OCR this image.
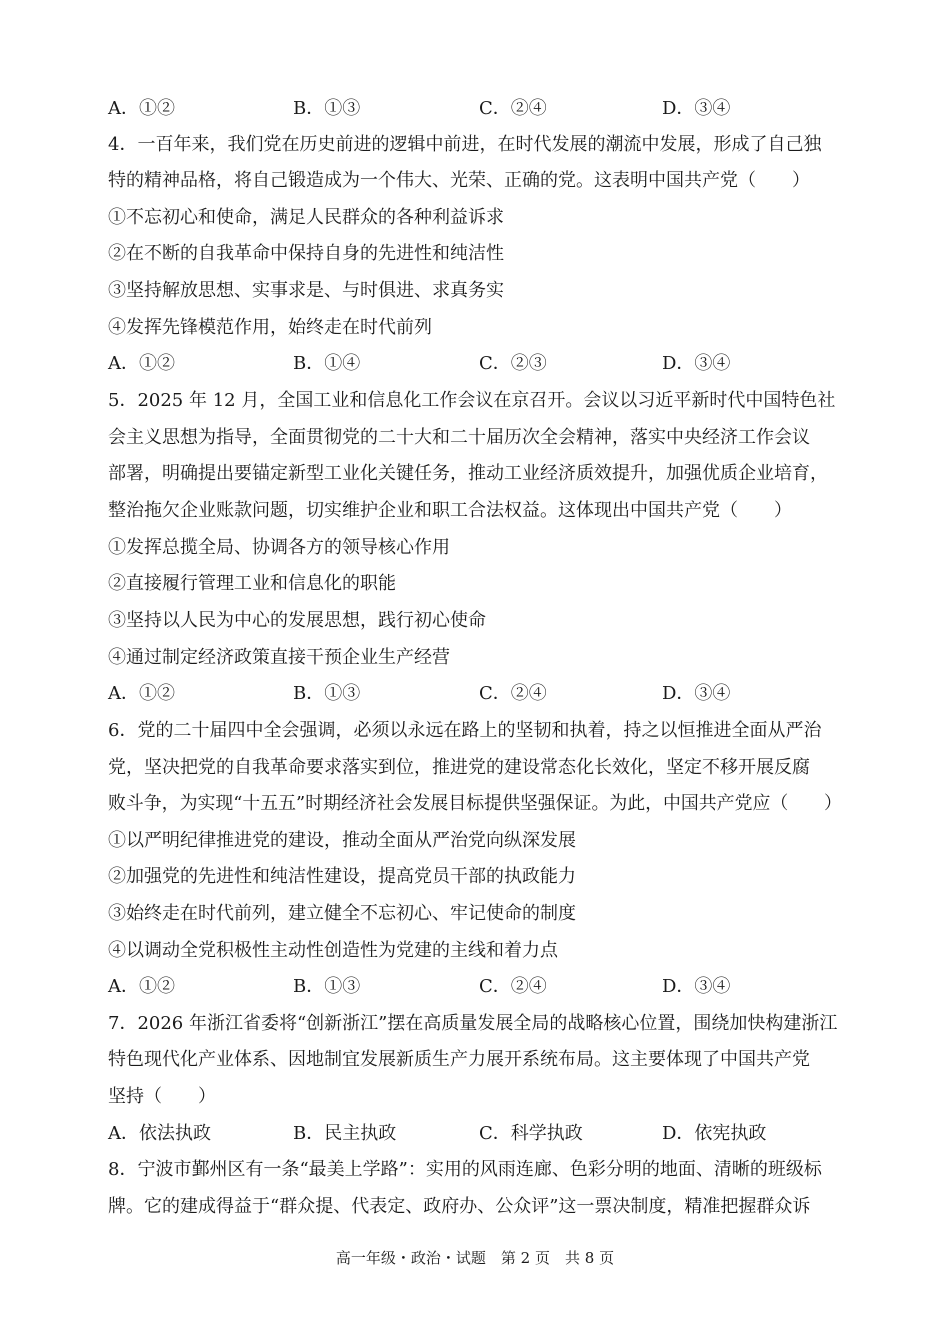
A．①②	B．①③	C．②④	D．③④
4．一百年来，我们党在历史前进的逻辑中前进，在时代发展的潮流中发展，形成了自己独
特的精神品格，将自己锻造成为一个伟大、光荣、正确的党。这表明中国共产党（　　）
①不忘初心和使命，满足人民群众的各种利益诉求
②在不断的自我革命中保持自身的先进性和纯洁性
③坚持解放思想、实事求是、与时俱进、求真务实
④发挥先锋模范作用，始终走在时代前列
A．①②	B．①④	C．②③	D．③④
5．2025 年 12 月，全国工业和信息化工作会议在京召开。会议以习近平新时代中国特色社
会主义思想为指导，全面贯彻党的二十大和二十届历次全会精神，落实中央经济工作会议
部署，明确提出要锚定新型工业化关键任务，推动工业经济质效提升，加强优质企业培育，
整治拖欠企业账款问题，切实维护企业和职工合法权益。这体现出中国共产党（　　）
①发挥总揽全局、协调各方的领导核心作用
②直接履行管理工业和信息化的职能
③坚持以人民为中心的发展思想，践行初心使命
④通过制定经济政策直接干预企业生产经营
A．①②	B．①③	C．②④	D．③④
6．党的二十届四中全会强调，必须以永远在路上的坚韧和执着，持之以恒推进全面从严治
党，坚决把党的自我革命要求落实到位，推进党的建设常态化长效化，坚定不移开展反腐
败斗争，为实现“十五五”时期经济社会发展目标提供坚强保证。为此，中国共产党应（　　）
①以严明纪律推进党的建设，推动全面从严治党向纵深发展
②加强党的先进性和纯洁性建设，提高党员干部的执政能力
③始终走在时代前列，建立健全不忘初心、牢记使命的制度
④以调动全党积极性主动性创造性为党建的主线和着力点
A．①②	B．①③	C．②④	D．③④
7．2026 年浙江省委将“创新浙江”摆在高质量发展全局的战略核心位置，围绕加快构建浙江
特色现代化产业体系、因地制宜发展新质生产力展开系统布局。这主要体现了中国共产党
坚持（　　）
A．依法执政	B．民主执政	C．科学执政	D．依宪执政
8．宁波市鄞州区有一条“最美上学路”：实用的风雨连廊、色彩分明的地面、清晰的班级标
牌。它的建成得益于“群众提、代表定、政府办、公众评”这一票决制度，精准把握群众诉
高一年级・政治・试题　第 2 页　共 8 页
